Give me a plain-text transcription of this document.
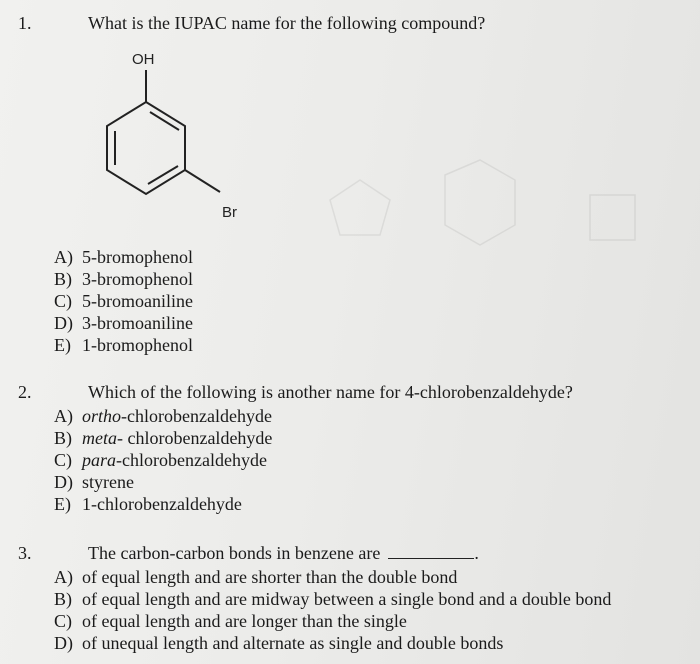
1.	What is the IUPAC name for the following compound?
OH
Br
A) 5-bromophenol
B) 3-bromophenol
C) 5-bromoaniline
D) 3-bromoaniline
E) 1-bromophenol
2.	Which of the following is another name for 4-chlorobenzaldehyde?
A) ortho-chlorobenzaldehyde
B) meta- chlorobenzaldehyde
C) para-chlorobenzaldehyde
D) styrene
E) 1-chlorobenzaldehyde
3.	The carbon-carbon bonds in benzene are	.
A) of equal length and are shorter than the double bond
B) of equal length and are midway between a single bond and a double bond
C) of equal length and are longer than the single
D) of unequal length and alternate as single and double bonds
